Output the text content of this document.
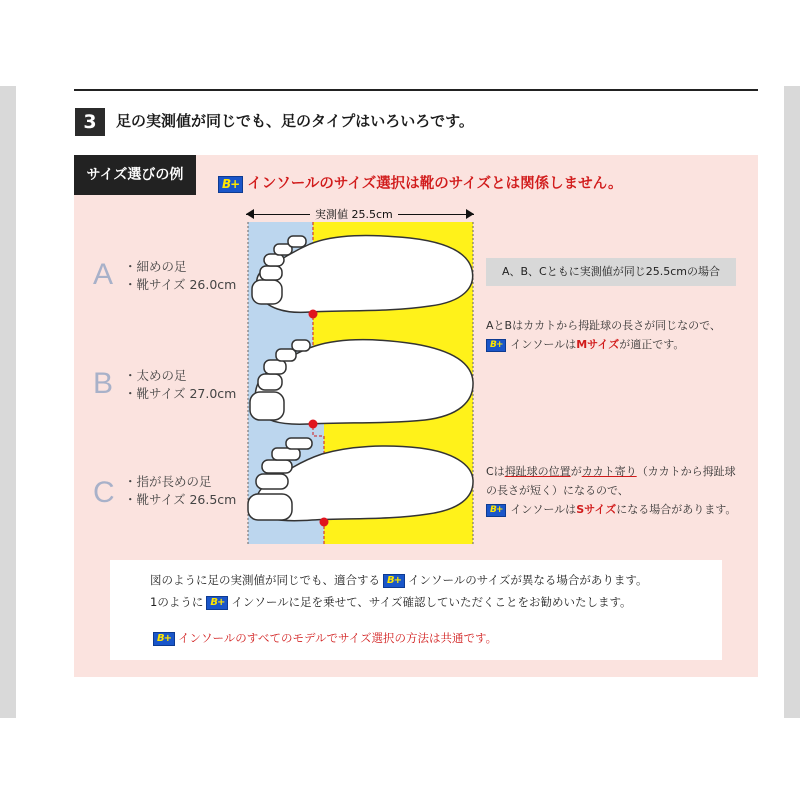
3	足の実測値が同じでも、足のタイプはいろいろです。
サイズ選びの例
B+ インソールのサイズ選択は靴のサイズとは関係しません。
実測値 25.5cm
A ・細めの足
・靴サイズ 26.0cm
B ・太めの足
・靴サイズ 27.0cm
C ・指が長めの足
・靴サイズ 26.5cm
A、B、Cともに実測値が同じ25.5cmの場合
AとBはカカトから拇趾球の長さが同じなので、
B+ インソールはMサイズが適正です。
Cは拇趾球の位置がカカト寄り（カカトから拇趾球
の長さが短く）になるので、
B+ インソールはSサイズになる場合があります。
図のように足の実測値が同じでも、適合する B+ インソールのサイズが異なる場合があります。
1のように B+ インソールに足を乗せて、サイズ確認していただくことをお勧めいたします。
B+ インソールのすべてのモデルでサイズ選択の方法は共通です。
